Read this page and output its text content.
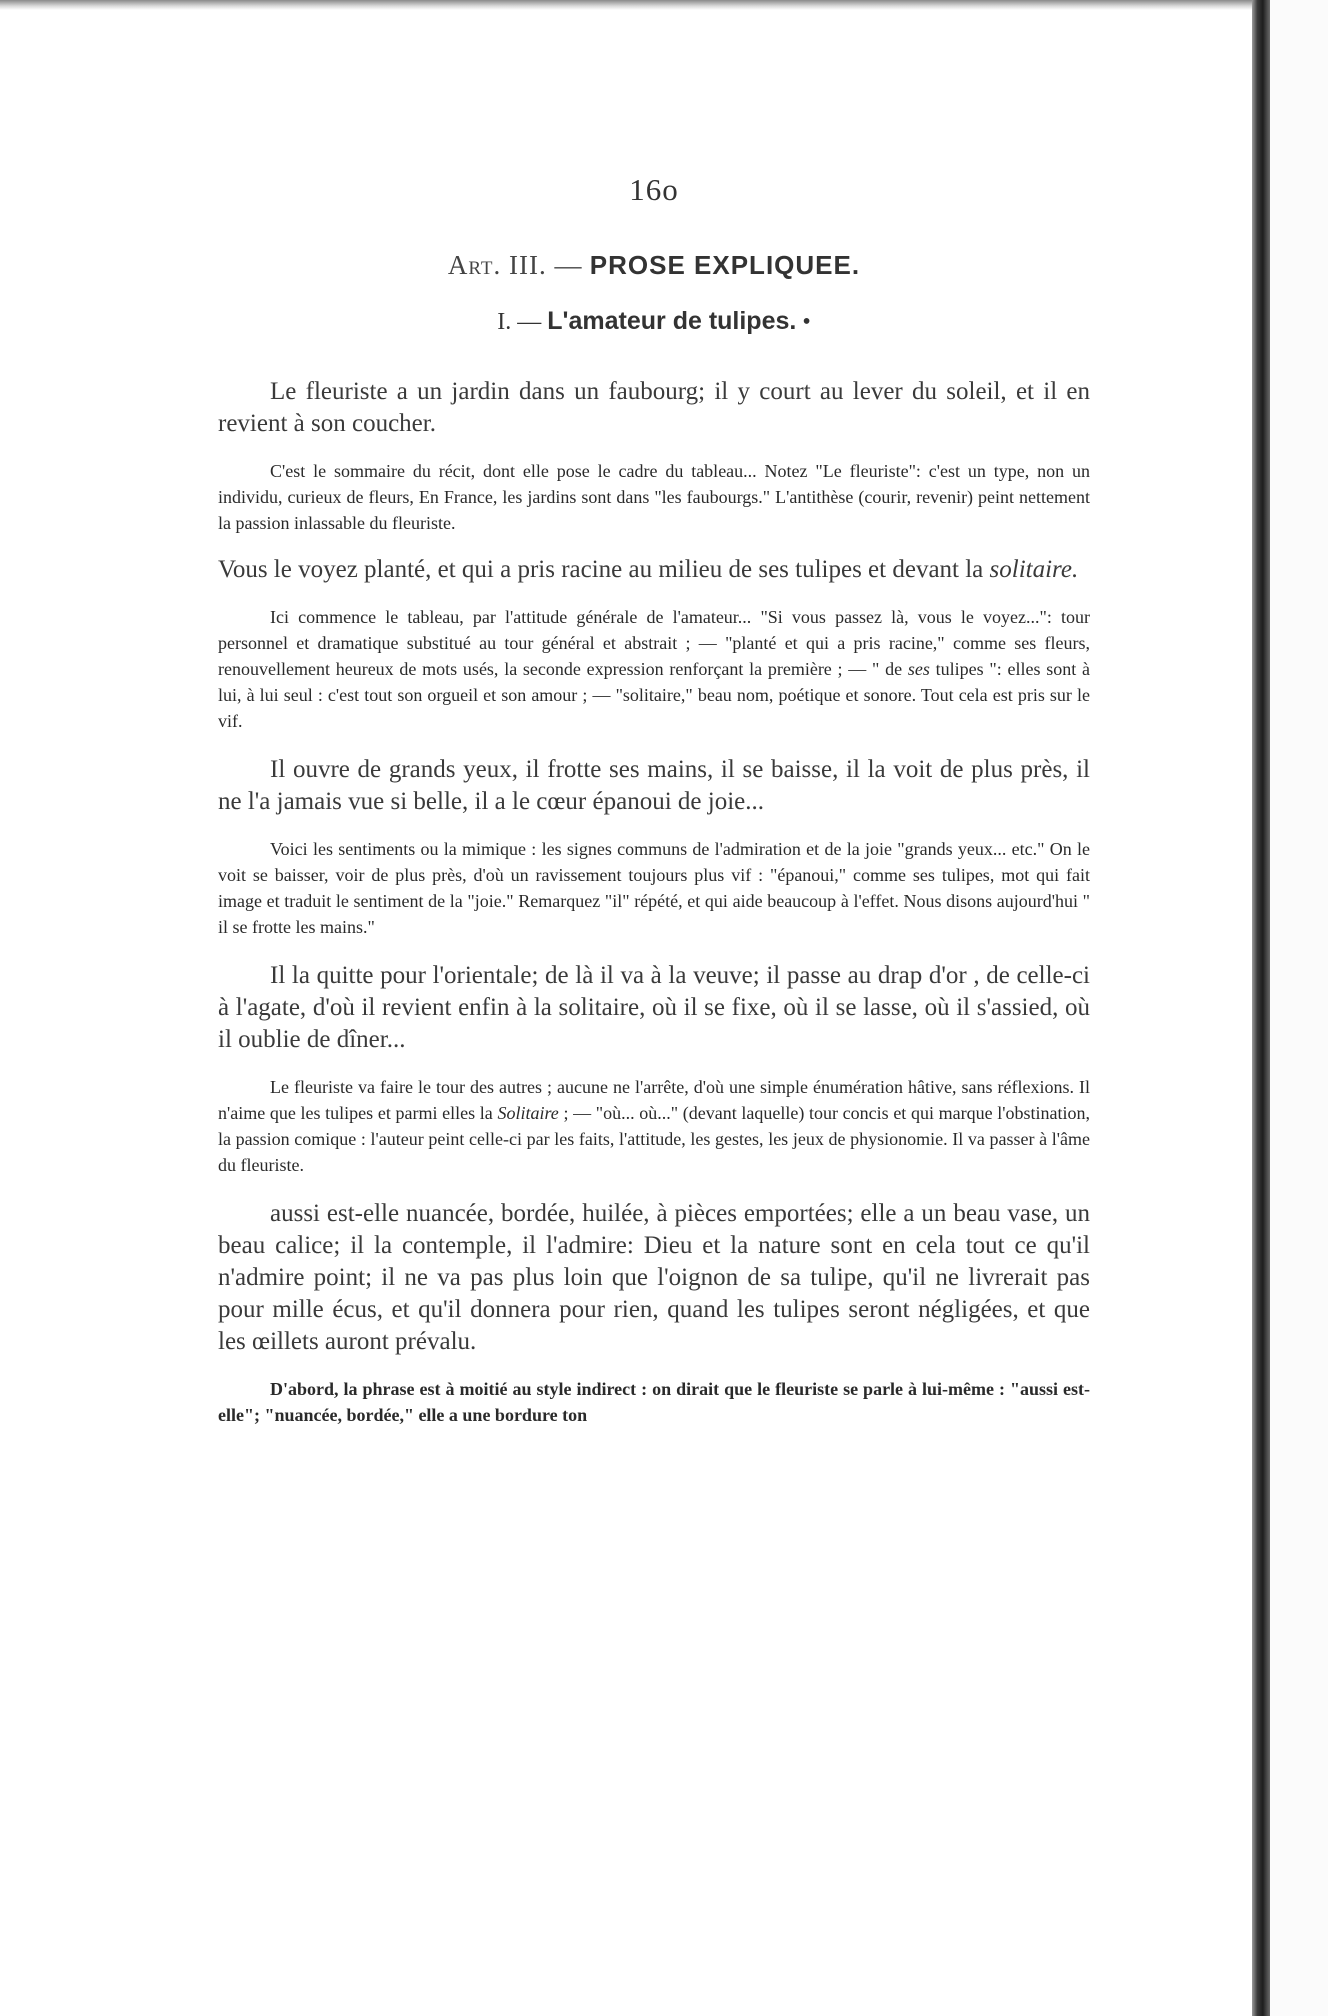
16o
Art. III. — PROSE EXPLIQUEE.
I. — L'amateur de tulipes. •

Le fleuriste a un jardin dans un faubourg; il y court au lever du soleil, et il en revient à son coucher.

C'est le sommaire du récit, dont elle pose le cadre du tableau... Notez "Le fleuriste": c'est un type, non un individu, curieux de fleurs, En France, les jardins sont dans "les faubourgs." L'antithèse (courir, revenir) peint nettement la passion inlassable du fleuriste.

Vous le voyez planté, et qui a pris racine au milieu de ses tulipes et devant la solitaire.

Ici commence le tableau, par l'attitude générale de l'amateur... "Si vous passez là, vous le voyez...": tour personnel et dramatique substitué au tour général et abstrait ; — "planté et qui a pris racine," comme ses fleurs, renouvellement heureux de mots usés, la seconde expression renforçant la première ; — " de ses tulipes ": elles sont à lui, à lui seul : c'est tout son orgueil et son amour ; — "solitaire," beau nom, poétique et sonore. Tout cela est pris sur le vif.

Il ouvre de grands yeux, il frotte ses mains, il se baisse, il la voit de plus près, il ne l'a jamais vue si belle, il a le cœur épanoui de joie...

Voici les sentiments ou la mimique : les signes communs de l'admiration et de la joie "grands yeux... etc." On le voit se baisser, voir de plus près, d'où un ravissement toujours plus vif : "épanoui," comme ses tulipes, mot qui fait image et traduit le sentiment de la "joie." Remarquez "il" répété, et qui aide beaucoup à l'effet. Nous disons aujourd'hui " il se frotte les mains."

Il la quitte pour l'orientale; de là il va à la veuve; il passe au drap d'or , de celle-ci à l'agate, d'où il revient enfin à la solitaire, où il se fixe, où il se lasse, où il s'assied, où il oublie de dîner...

Le fleuriste va faire le tour des autres ; aucune ne l'arrête, d'où une simple énumération hâtive, sans réflexions. Il n'aime que les tulipes et parmi elles la Solitaire ; — "où... où..." (devant laquelle) tour concis et qui marque l'obstination, la passion comique : l'auteur peint celle-ci par les faits, l'attitude, les gestes, les jeux de physionomie. Il va passer à l'âme du fleuriste.

aussi est-elle nuancée, bordée, huilée, à pièces emportées; elle a un beau vase, un beau calice; il la contemple, il l'admire: Dieu et la nature sont en cela tout ce qu'il n'admire point; il ne va pas plus loin que l'oignon de sa tulipe, qu'il ne livrerait pas pour mille écus, et qu'il donnera pour rien, quand les tulipes seront négligées, et que les œillets auront prévalu.

D'abord, la phrase est à moitié au style indirect : on dirait que le fleuriste se parle à lui-même : "aussi est-elle"; "nuancée, bordée," elle a une bordure ton
